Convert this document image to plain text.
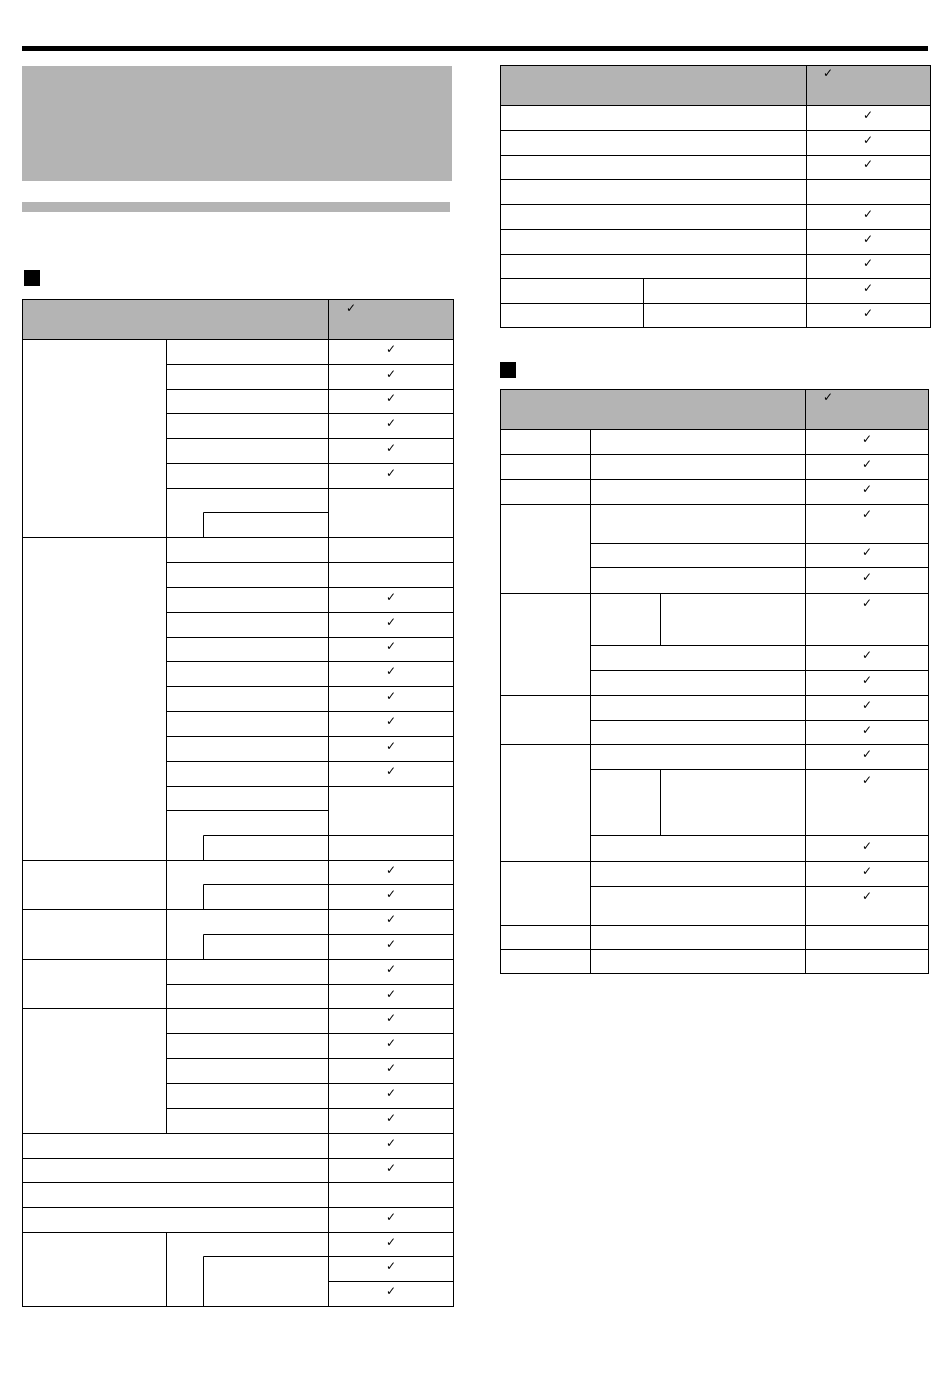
✓
✓
✓
✓
✓
✓
✓
✓
✓
✓
✓
✓
✓
✓
✓
✓
✓
✓
✓
✓
✓
✓
✓
✓
✓
✓
✓
✓
✓
✓
✓
✓
✓
✓
✓
✓
✓
✓
✓
✓
✓
✓
✓
✓
✓
✓
✓
✓
✓
✓
✓
✓
✓
✓
✓
✓
✓
✓
